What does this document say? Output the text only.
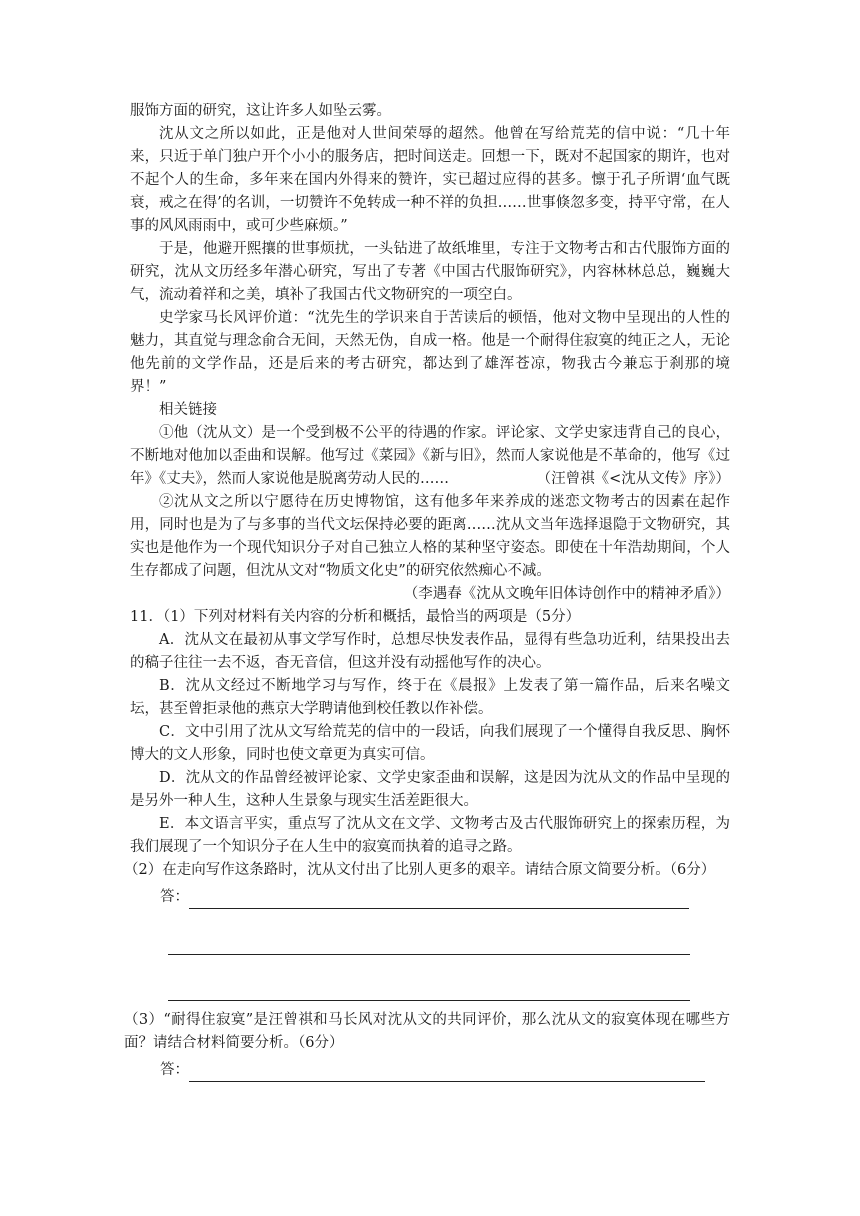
服饰方面的研究，这让许多人如坠云雾。

沈从文之所以如此，正是他对人世间荣辱的超然。他曾在写给荒芜的信中说：“几十年来，只近于单门独户开个小小的服务店，把时间送走。回想一下，既对不起国家的期许，也对不起个人的生命，多年来在国内外得来的赞许，实已超过应得的甚多。懔于孔子所谓‘血气既衰，戒之在得’的名训，一切赞许不免转成一种不祥的负担……世事倏忽多变，持平守常，在人事的风风雨雨中，或可少些麻烦。”

于是，他避开熙攘的世事烦扰，一头钻进了故纸堆里，专注于文物考古和古代服饰方面的研究，沈从文历经多年潜心研究，写出了专著《中国古代服饰研究》，内容林林总总，巍巍大气，流动着祥和之美，填补了我国古代文物研究的一项空白。

史学家马长风评价道：“沈先生的学识来自于苦读后的顿悟，他对文物中呈现出的人性的魅力，其直觉与理念俞合无间，天然无伪，自成一格。他是一个耐得住寂寞的纯正之人，无论他先前的文学作品，还是后来的考古研究，都达到了雄浑苍凉，物我古今兼忘于刹那的境界！”

相关链接

①他（沈从文）是一个受到极不公平的待遇的作家。评论家、文学史家违背自己的良心，不断地对他加以歪曲和误解。他写过《菜园》《新与旧》，然而人家说他是不革命的，他写《过年》《丈夫》，然而人家说他是脱离劳动人民的……	（汪曾祺《<沈从文传》序》）

②沈从文之所以宁愿待在历史博物馆，这有他多年来养成的迷恋文物考古的因素在起作用，同时也是为了与多事的当代文坛保持必要的距离……沈从文当年选择退隐于文物研究，其实也是他作为一个现代知识分子对自己独立人格的某种坚守姿态。即使在十年浩劫期间，个人生存都成了问题，但沈从文对“物质文化史”的研究依然痴心不减。
（李遇春《沈从文晚年旧体诗创作中的精神矛盾》）

11．（1）下列对材料有关内容的分析和概括，最恰当的两项是（5分）

A．沈从文在最初从事文学写作时，总想尽快发表作品，显得有些急功近利，结果投出去的稿子往往一去不返，杳无音信，但这并没有动摇他写作的决心。

B．沈从文经过不断地学习与写作，终于在《晨报》上发表了第一篇作品，后来名噪文坛，甚至曾拒录他的燕京大学聘请他到校任教以作补偿。

C．文中引用了沈从文写给荒芜的信中的一段话，向我们展现了一个懂得自我反思、胸怀博大的文人形象，同时也使文章更为真实可信。

D．沈从文的作品曾经被评论家、文学史家歪曲和误解，这是因为沈从文的作品中呈现的是另外一种人生，这种人生景象与现实生活差距很大。

E．本文语言平实，重点写了沈从文在文学、文物考古及古代服饰研究上的探索历程，为我们展现了一个知识分子在人生中的寂寞而执着的追寻之路。

（2）在走向写作这条路时，沈从文付出了比别人更多的艰辛。请结合原文简要分析。（6分）

答：

（3）“耐得住寂寞”是汪曾祺和马长风对沈从文的共同评价，那么沈从文的寂寞体现在哪些方面？请结合材料简要分析。（6分）

答：
